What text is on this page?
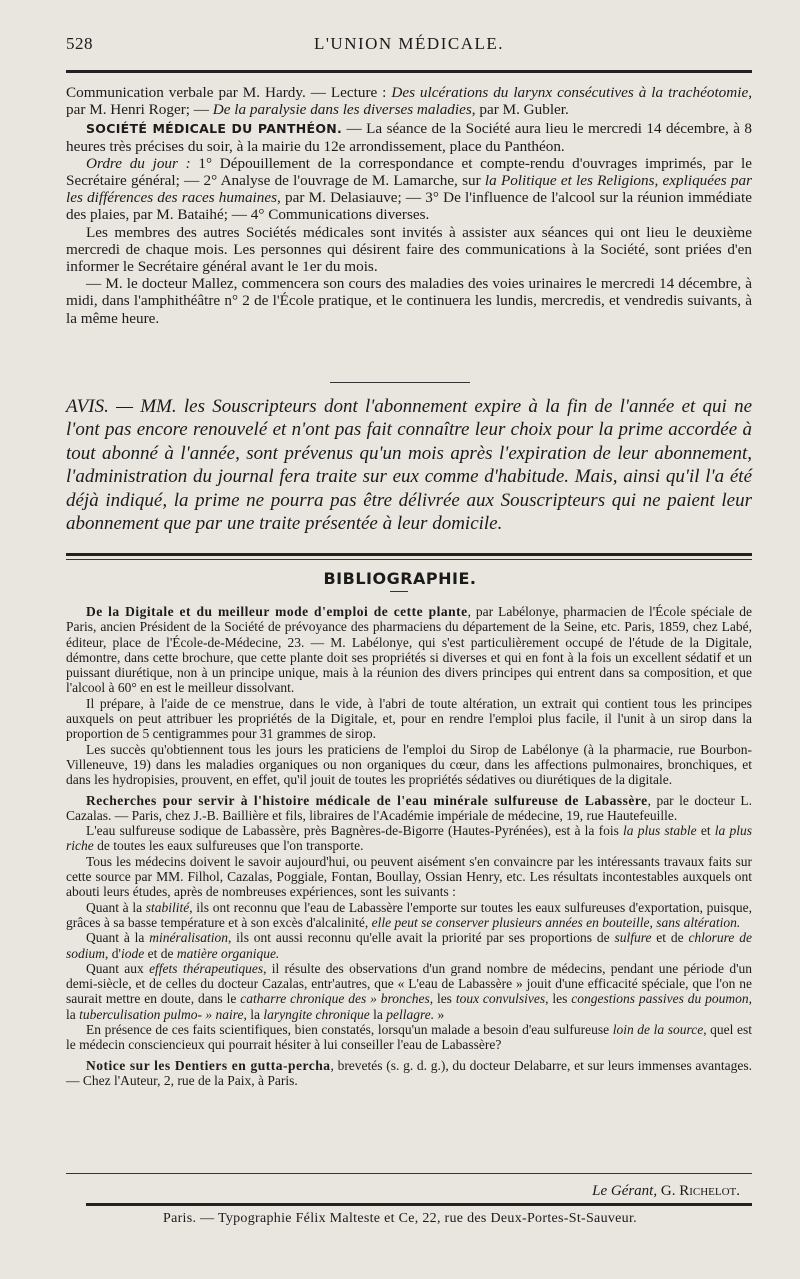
528	L'UNION MÉDICALE.

Communication verbale par M. Hardy. — Lecture : Des ulcérations du larynx consécutives à la trachéotomie, par M. Henri Roger; — De la paralysie dans les diverses maladies, par M. Gubler.

SOCIÉTÉ MÉDICALE DU PANTHÉON. — La séance de la Société aura lieu le mercredi 14 décembre, à 8 heures très précises du soir, à la mairie du 12e arrondissement, place du Panthéon.

Ordre du jour : 1° Dépouillement de la correspondance et compte-rendu d'ouvrages imprimés, par le Secrétaire général; — 2° Analyse de l'ouvrage de M. Lamarche, sur la Politique et les Religions, expliquées par les différences des races humaines, par M. Delasiauve; — 3° De l'influence de l'alcool sur la réunion immédiate des plaies, par M. Bataihé; — 4° Communications diverses.

Les membres des autres Sociétés médicales sont invités à assister aux séances qui ont lieu le deuxième mercredi de chaque mois. Les personnes qui désirent faire des communications à la Société, sont priées d'en informer le Secrétaire général avant le 1er du mois.

— M. le docteur Mallez, commencera son cours des maladies des voies urinaires le mercredi 14 décembre, à midi, dans l'amphithéâtre n° 2 de l'École pratique, et le continuera les lundis, mercredis, et vendredis suivants, à la même heure.

AVIS. — MM. les Souscripteurs dont l'abonnement expire à la fin de l'année et qui ne l'ont pas encore renouvelé et n'ont pas fait connaître leur choix pour la prime accordée à tout abonné à l'année, sont prévenus qu'un mois après l'expiration de leur abonnement, l'administration du journal fera traite sur eux comme d'habitude. Mais, ainsi qu'il l'a été déjà indiqué, la prime ne pourra pas être délivrée aux Souscripteurs qui ne paient leur abonnement que par une traite présentée à leur domicile.
BIBLIOGRAPHIE.

De la Digitale et du meilleur mode d'emploi de cette plante, par Labélonye, pharmacien de l'École spéciale de Paris, ancien Président de la Société de prévoyance des pharmaciens du département de la Seine, etc. Paris, 1859, chez Labé, éditeur, place de l'École-de-Médecine, 23. — M. Labélonye, qui s'est particulièrement occupé de l'étude de la Digitale, démontre, dans cette brochure, que cette plante doit ses propriétés si diverses et qui en font à la fois un excellent sédatif et un puissant diurétique, non à un principe unique, mais à la réunion des divers principes qui entrent dans sa composition, et que l'alcool à 60° en est le meilleur dissolvant.

Il prépare, à l'aide de ce menstrue, dans le vide, à l'abri de toute altération, un extrait qui contient tous les principes auxquels on peut attribuer les propriétés de la Digitale, et, pour en rendre l'emploi plus facile, il l'unit à un sirop dans la proportion de 5 centigrammes pour 31 grammes de sirop.

Les succès qu'obtiennent tous les jours les praticiens de l'emploi du Sirop de Labélonye (à la pharmacie, rue Bourbon-Villeneuve, 19) dans les maladies organiques ou non organiques du cœur, dans les affections pulmonaires, bronchiques, et dans les hydropisies, prouvent, en effet, qu'il jouit de toutes les propriétés sédatives ou diurétiques de la digitale.

Recherches pour servir à l'histoire médicale de l'eau minérale sulfureuse de Labassère, par le docteur L. Cazalas. — Paris, chez J.-B. Baillière et fils, libraires de l'Académie impériale de médecine, 19, rue Hautefeuille.

L'eau sulfureuse sodique de Labassère, près Bagnères-de-Bigorre (Hautes-Pyrénées), est à la fois la plus stable et la plus riche de toutes les eaux sulfureuses que l'on transporte.

Tous les médecins doivent le savoir aujourd'hui, ou peuvent aisément s'en convaincre par les intéressants travaux faits sur cette source par MM. Filhol, Cazalas, Poggiale, Fontan, Boullay, Ossian Henry, etc. Les résultats incontestables auxquels ont abouti leurs études, après de nombreuses expériences, sont les suivants :

Quant à la stabilité, ils ont reconnu que l'eau de Labassère l'emporte sur toutes les eaux sulfureuses d'exportation, puisque, grâces à sa basse température et à son excès d'alcalinité, elle peut se conserver plusieurs années en bouteille, sans altération.

Quant à la minéralisation, ils ont aussi reconnu qu'elle avait la priorité par ses proportions de sulfure et de chlorure de sodium, d'iode et de matière organique.

Quant aux effets thérapeutiques, il résulte des observations d'un grand nombre de médecins, pendant une période d'un demi-siècle, et de celles du docteur Cazalas, entr'autres, que « L'eau de Labassère » jouit d'une efficacité spéciale, que l'on ne saurait mettre en doute, dans le catharre chronique des » bronches, les toux convulsives, les congestions passives du poumon, la tuberculisation pulmo- » naire, la laryngite chronique la pellagre. »

En présence de ces faits scientifiques, bien constatés, lorsqu'un malade a besoin d'eau sulfureuse loin de la source, quel est le médecin consciencieux qui pourrait hésiter à lui conseiller l'eau de Labassère?

Notice sur les Dentiers en gutta-percha, brevetés (s. g. d. g.), du docteur Delabarre, et sur leurs immenses avantages. — Chez l'Auteur, 2, rue de la Paix, à Paris.

Le Gérant, G. Richelot.
Paris. — Typographie Félix Malteste et Ce, 22, rue des Deux-Portes-St-Sauveur.
